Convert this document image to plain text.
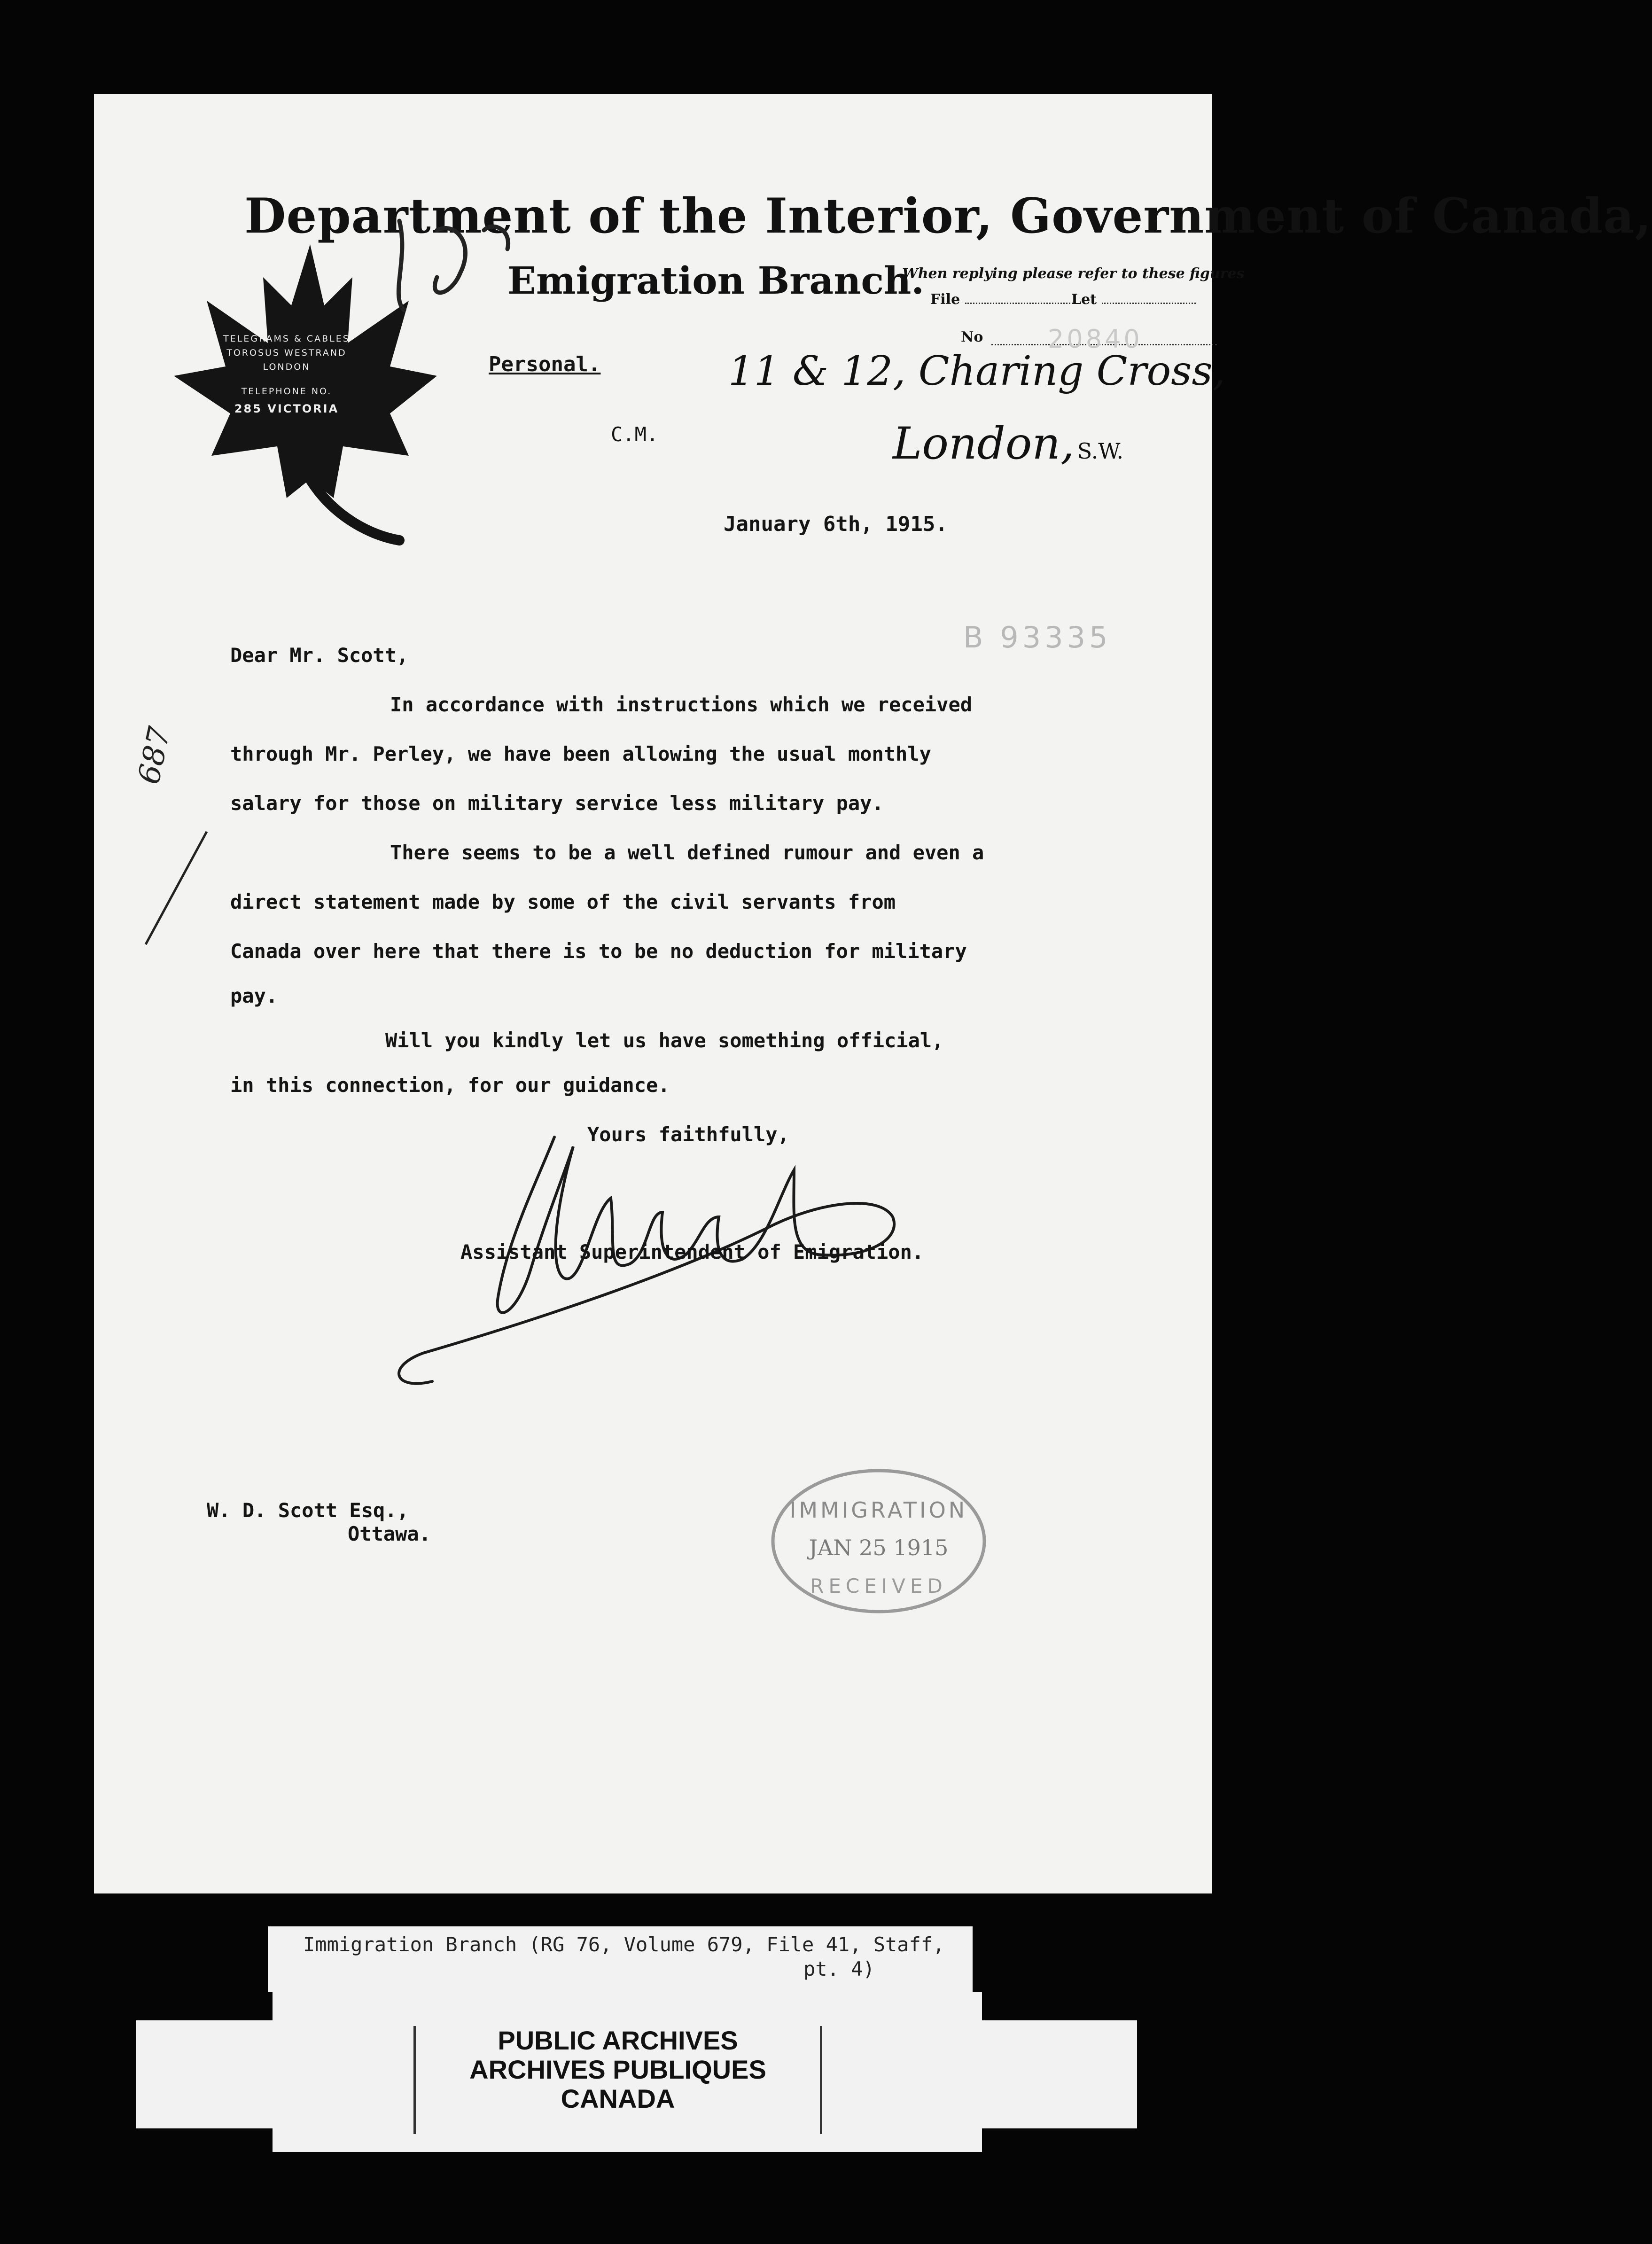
TELEGRAMS & CABLES
TOROSUS WESTRAND
LONDON
TELEPHONE NO.
285 VICTORIA
Department of the Interior, Government of Canada,
Emigration Branch.
When replying please refer to these figures
File	Let
No	20840
Personal.
C.M.
11 & 12, Charing Cross,
London, S.W.
January 6th, 1915.
B 93335
Dear Mr. Scott,
In accordance with instructions which we received
through Mr. Perley, we have been allowing the usual monthly
salary for those on military service less military pay.
There seems to be a well defined rumour and even a
direct statement made by some of the civil servants from
Canada over here that there is to be no deduction for military
pay.
Will you kindly let us have something official,
in this connection, for our guidance.
687
Yours faithfully,
Assistant Superintendent of Emigration.
W. D. Scott Esq.,
Ottawa.
IMMIGRATION
JAN 25 1915
RECEIVED
Immigration Branch (RG 76, Volume 679, File 41, Staff,
pt. 4)
PUBLIC ARCHIVES
ARCHIVES PUBLIQUES
CANADA
